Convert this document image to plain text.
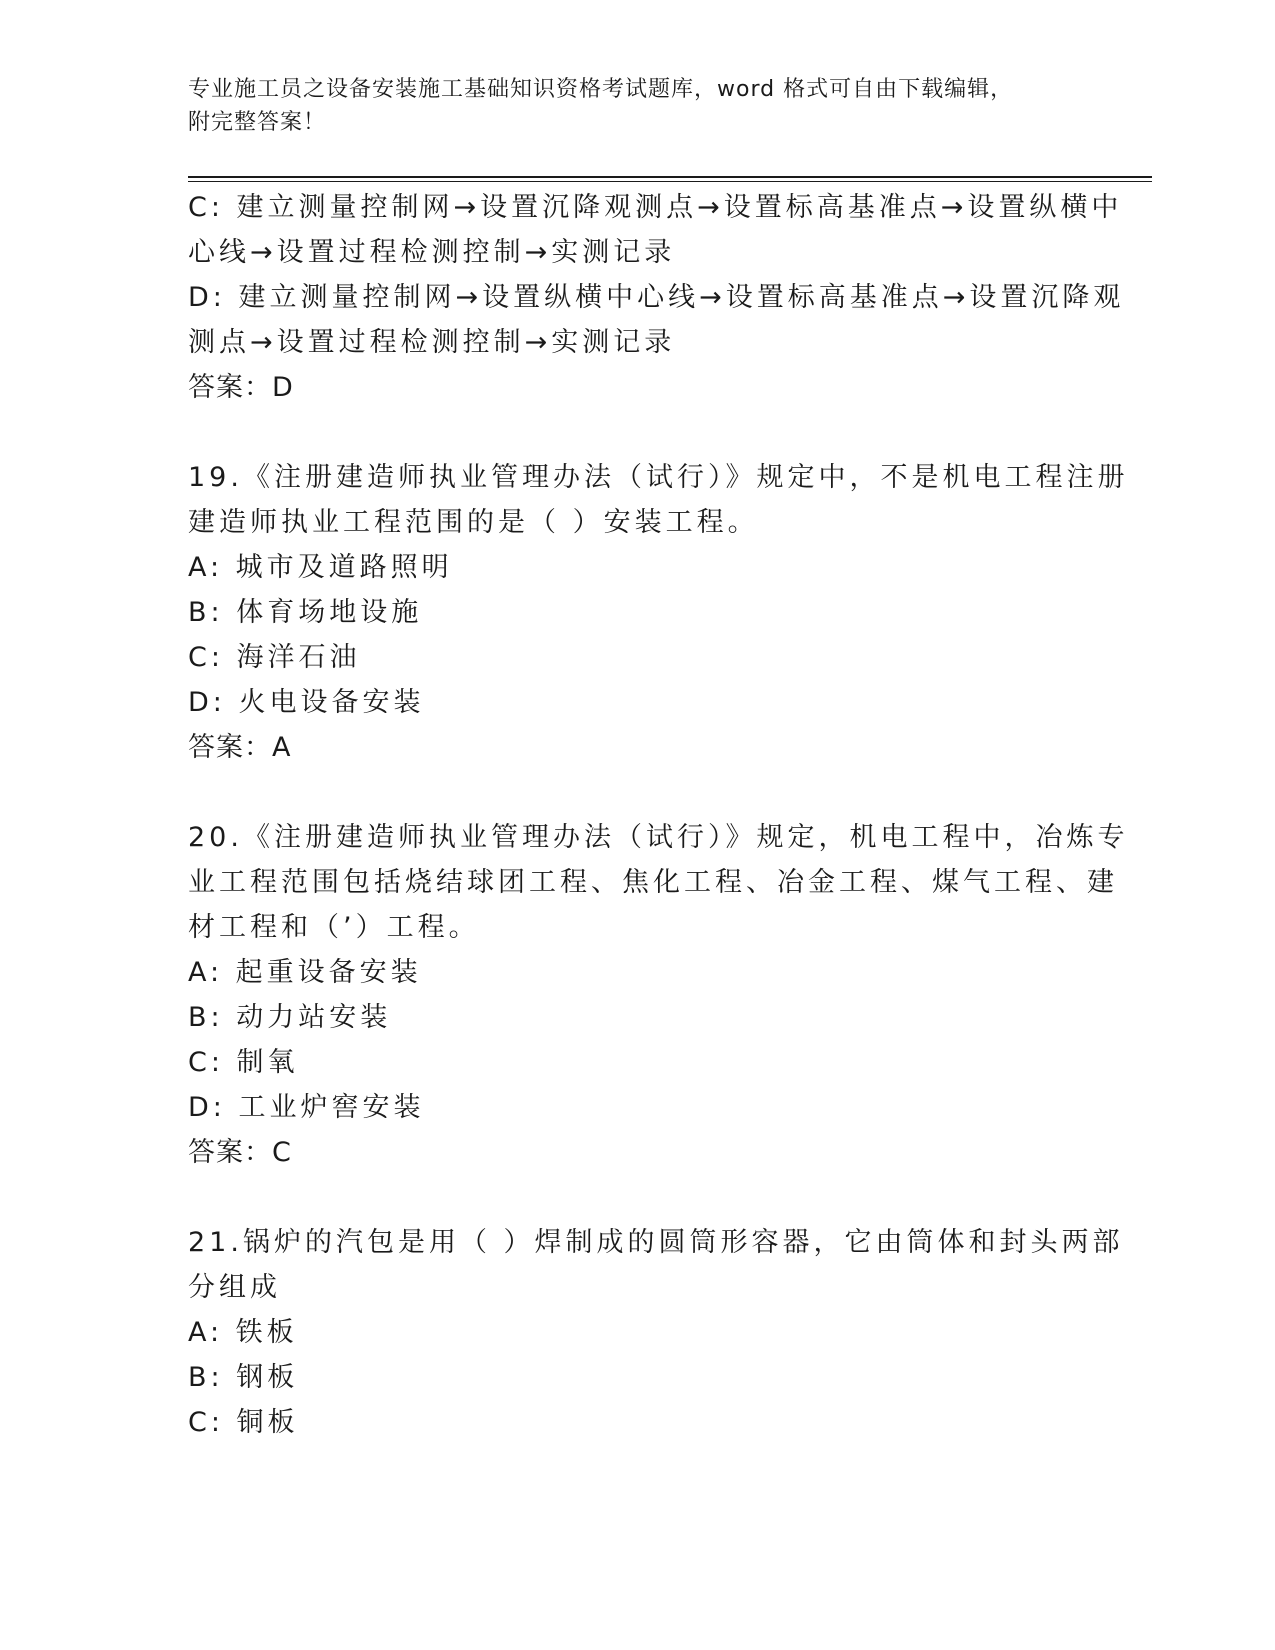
专业施工员之设备安装施工基础知识资格考试题库，word 格式可自由下载编辑，
附完整答案！
C: 建立测量控制网→设置沉降观测点→设置标高基准点→设置纵横中
心线→设置过程检测控制→实测记录
D: 建立测量控制网→设置纵横中心线→设置标高基准点→设置沉降观
测点→设置过程检测控制→实测记录
答案：D
19.《注册建造师执业管理办法（试行）》规定中，不是机电工程注册
建造师执业工程范围的是（ ）安装工程。
A: 城市及道路照明
B: 体育场地设施
C: 海洋石油
D: 火电设备安装
答案：A
20.《注册建造师执业管理办法（试行）》规定，机电工程中，冶炼专
业工程范围包括烧结球团工程、焦化工程、冶金工程、煤气工程、建
材工程和（’）工程。
A: 起重设备安装
B: 动力站安装
C: 制氧
D: 工业炉窖安装
答案：C
21.锅炉的汽包是用（ ）焊制成的圆筒形容器，它由筒体和封头两部
分组成
A: 铁板
B: 钢板
C: 铜板
